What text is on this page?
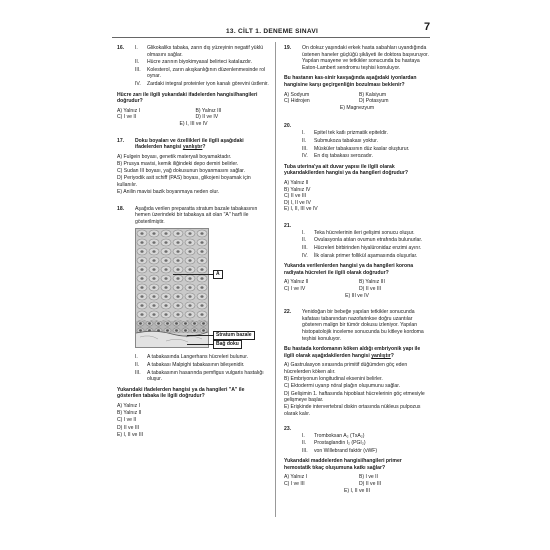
13. CİLT 1. DENEME SINAVI	7
16. I.	Glikokaliks tabaka, zarın dış yüzeyinin negatif yüklü olmasını sağlar.
II.	Hücre zarının biyokimyasal belirteci kataIazdır.
III.	Kolesterol, zarın akışkanlığının düzenlenmesinde rol oynar.
IV.	Zardaki integral proteinler iyon kanalı görevini üstlenir.
Hücre zarı ile ilgili yukarıdaki ifadelerden hangisi/hangileri doğrudur?
A) Yalnız I	B) Yalnız III
C) I ve II	D) II ve IV
E) I, III ve IV
17. Doku boyaları ve özellikleri ile ilgili aşağıdaki ifadelerden hangisi yanlıştır?
A) Fulgein boyası, genetik materyali boyamaktadır.
B) Prusya mavisi, kemik iliğindeki depo demiri belirler.
C) Sudan III boyası, yağ dokusunun boyanmasını sağlar.
D) Periyodik asit schiff (PAS) boyası, glikojeni boyamak için kullanılır.
E) Anilin mavisi bazik boyanmaya neden olur.
18. Aşağıda verilen preparatta stratum bazale tabakasının hemen üzerindeki bir tabakaya ait olan "A" harfi ile gösterilmiştir.
A
Stratum bazale
Bağ doku
I.	A tabakasında Langerhans hücreleri bulunur.
II.	A tabakası Malpighi tabakasının bileşenidir.
III.	A tabakasının hasarında pemfigus vulgaris hastalığı oluşur.
Yukarıdaki ifadelerden hangisi ya da hangileri "A" ile gösterilen tabaka ile ilgili doğrudur?
A) Yalnız I
B) Yalnız II
C) I ve II
D) II ve III
E) I, II ve III
19. On dokuz yaşındaki erkek hasta sabahları uyandığında üstenen haneler güçlüğü şikâyeti ile doktora başvuruyor. Yapılan muayene ve tetkikler sonucunda bu hastaya Eaton-Lambert sendromu teşhisi konuluyor.
Bu hastanın kas-sinir kavşağında aşağıdaki iyonlardan hangisine karşı geçirgenliğin bozulması beklenir?
A) Sodyum	B) Kalsiyum
C) Hidrojen	D) Potasyum
E) Magnezyum
20.
I.	Epitel tek katlı prizmatik epiteldir.
II.	Submukoza tabakası yoktur.
III.	Müsküler tabakasının düz kaslar oluşturur.
IV.	En dış tabakası serozadır.
Tuba uterina'ya ait duvar yapısı ile ilgili olarak yukarıdakilerden hangisi ya da hangileri doğrudur?
A) Yalnız II
B) Yalnız IV
C) II ve III
D) I, II ve IV
E) I, II, III ve IV
21.
I.	Teka hücrelerinin ileri gelişimi sonucu oluşur.
II.	Ovulasyonla atılan ovumun etrafında bulunurlar.
III.	Hücreleri birbirinden hiyalüronidaz enzimi ayırır.
IV.	İlk olarak primer folliküI aşamasında oluşurlar.
Yukarıda verilenlerden hangisi ya da hangileri korona radiyata hücreleri ile ilgili olarak doğrudur?
A) Yalnız II	B) Yalnız III
C) I ve IV	D) II ve III
E) III ve IV
22. Yenidoğan bir bebeğe yapılan tetkikler sonucunda kafatası tabanından nazofarinkse doğru uzantılar gösteren malign bir tümör dokusu izleniyor. Yapılan histopatolojik inceleme sonucunda bu kitleye kordoma teşhisi konuluyor.
Bu hastada kordomanın köken aldığı embriyonik yapı ile ilgili olarak aşağıdakilerden hangisi yanlıştır?
A) Gastrulasyon sırasında primitif düğümden göç eden hücrelerden köken alır.
B) Embriyonun longitudinal eksenini belirler.
C) Ektodermi uyarıp nöral plağın oluşumunu sağlar.
D) Gelişimin 1. haftasında hipoblast hücrelerinin göç etmesiyle gelişmeye başlar.
E) Erişkinde intervertebral diskin ortasında nükleus pulpozus olarak kalır.
23.
I.	Tromboksan A₂ (TxA₂)
II.	Prostaglandin I₂ (PGI₂)
III.	von Willebrand faktör (vWF)
Yukarıdaki maddelerden hangisi/hangileri primer hemostatik tıkaç oluşumuna katkı sağlar?
A) Yalnız I	B) I ve II
C) I ve III	D) II ve III
E) I, II ve III
